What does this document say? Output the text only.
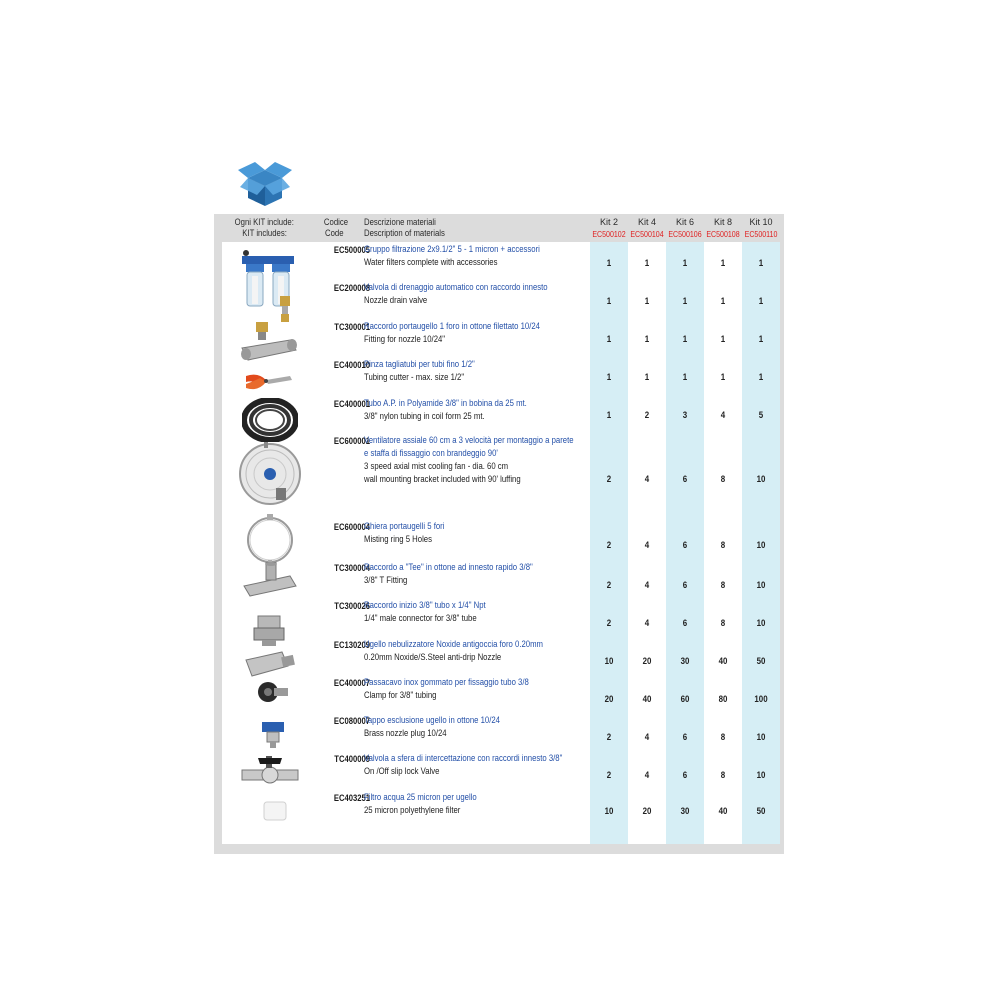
Ogni KIT include:
KIT includes:
Codice
Code
Descrizione materiali
Description of materials
Kit 2
EC500102
Kit 4
EC500104
Kit 6
EC500106
Kit 8
EC500108
Kit 10
EC500110
EC500005
Gruppo filtrazione 2x9.1/2" 5 - 1 micron + accessori
Water filters complete with accessories	1	1	1	1	1
EC200008
Valvola di drenaggio automatico con raccordo innesto
Nozzle drain valve	1	1	1	1	1
TC300001
Raccordo portaugello 1 foro in ottone filettato 10/24
Fitting for nozzle 10/24"	1	1	1	1	1
EC400010
Pinza tagliatubi per tubi fino 1/2"
Tubing cutter - max. size 1/2"	1	1	1	1	1
EC400001
Tubo A.P. in Polyamide 3/8" in bobina da 25 mt.
3/8" nylon tubing in coil form 25 mt.	1	2	3	4	5
EC600001
Ventilatore assiale 60 cm a 3 velocità per montaggio a parete
e staffa di fissaggio con brandeggio 90'
3 speed axial mist cooling fan - dia. 60 cm
wall mounting bracket included with 90' luffing	2	4	6	8	10
EC600004
Ghiera portaugelli 5 fori
Misting ring 5 Holes
2	4	6	8	10
TC300004
Raccordo a "Tee" in ottone ad innesto rapido 3/8"
3/8" T Fitting	2	4	6	8	10
TC300026
Raccordo inizio 3/8" tubo x 1/4" Npt
1/4" male connector for 3/8" tube	2	4	6	8	10
EC130209
Ugello nebulizzatore Noxide antigoccia foro 0.20mm
0.20mm Noxide/S.Steel anti-drip Nozzle	10	20	30	40	50
EC400007
Passacavo inox gommato per fissaggio tubo 3/8
Clamp for 3/8" tubing	20	40	60	80	100
EC080007
Tappo esclusione ugello in ottone 10/24
Brass nozzle plug 10/24	2	4	6	8	10
TC400009
Valvola a sfera di intercettazione con raccordi innesto 3/8"
On /Off slip lock Valve	2	4	6	8	10
EC403251
Filtro acqua 25 micron per ugello
25 micron polyethylene filter	10	20	30	40	50
